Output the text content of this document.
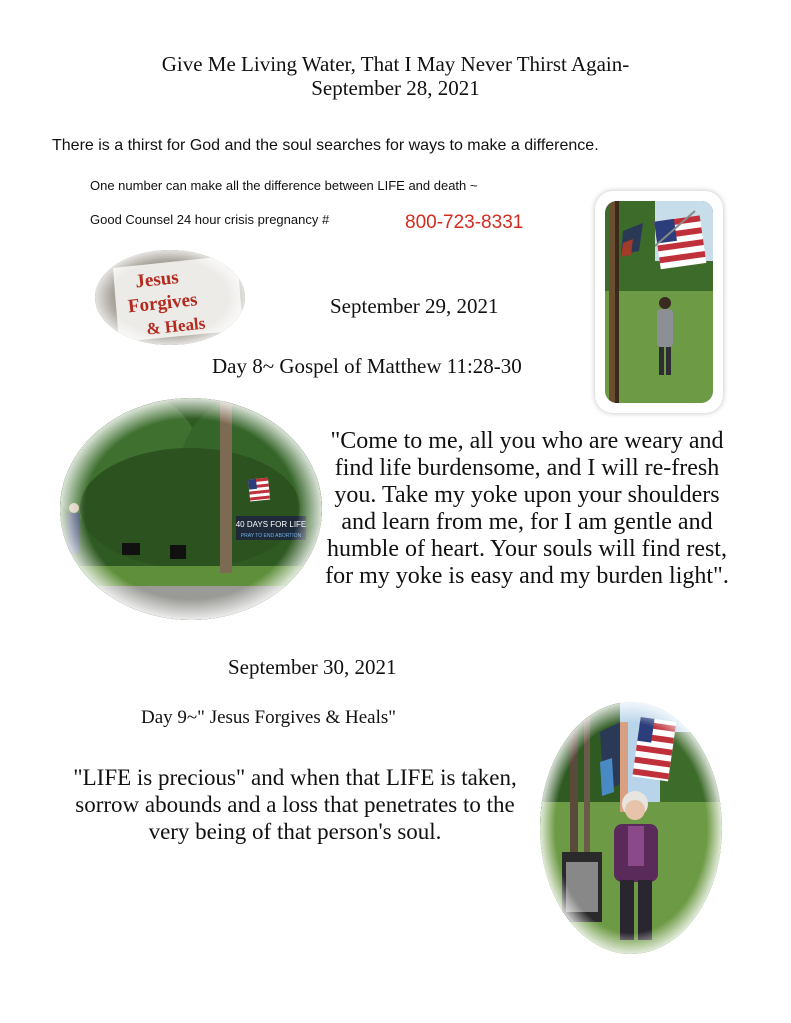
Give Me Living Water, That I May Never Thirst Again-
September 28, 2021
There is a thirst for God and the soul searches for ways to make a difference.
One number can make all the difference between LIFE and death ~
Good Counsel 24 hour crisis pregnancy #	800-723-8331
September 29, 2021
Day 8~ Gospel of Matthew 11:28-30
"Come to me, all you who are weary and find life burdensome, and I will re-fresh you. Take my yoke upon your shoulders and learn from me, for I am gentle and humble of heart. Your souls will find rest, for my yoke is easy and my burden light".
September 30, 2021
Day 9~" Jesus Forgives & Heals"
"LIFE is precious" and when that LIFE is taken, sorrow abounds and a loss that penetrates to the very being of that person's soul.
